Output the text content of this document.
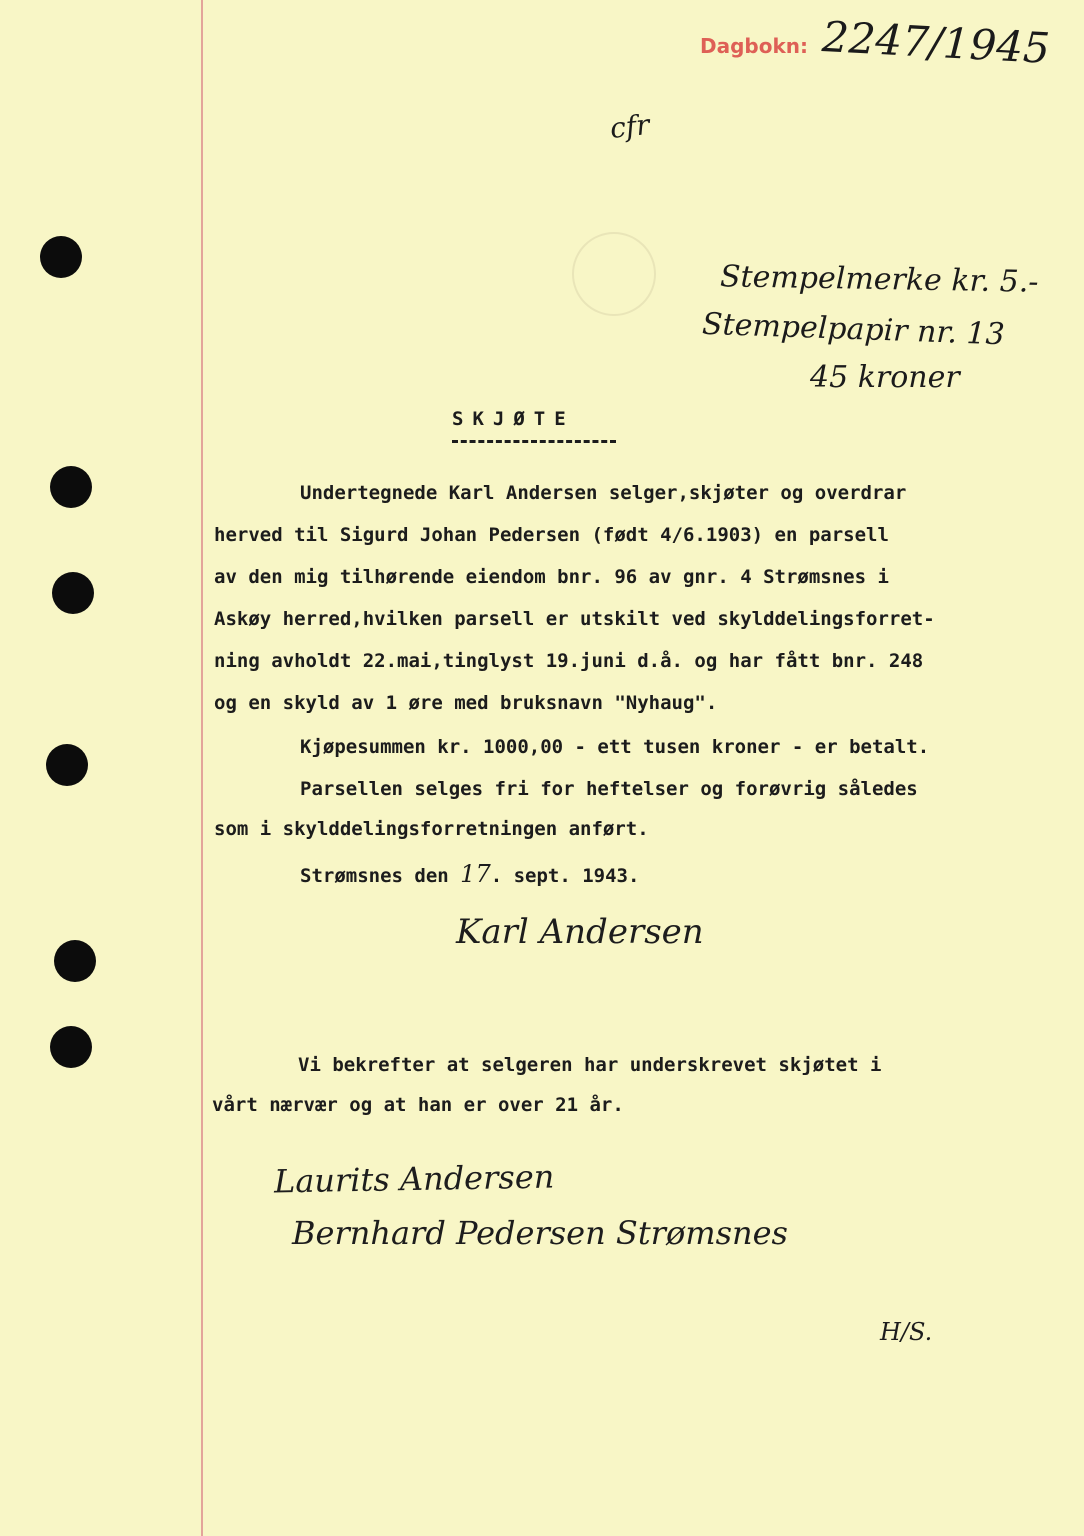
Dagbokn: 2247/1945
cfr
Stempelmerke kr. 5.-
Stempelpapir nr. 13
45 kroner
SKJØTE
Undertegnede Karl Andersen selger,skjøter og overdrar
herved til Sigurd Johan Pedersen (født 4/6.1903) en parsell
av den mig tilhørende eiendom bnr. 96 av gnr. 4 Strømsnes i
Askøy herred,hvilken parsell er utskilt ved skylddelingsforret-
ning avholdt 22.mai,tinglyst 19.juni d.å. og har fått bnr. 248
og en skyld av 1 øre med bruksnavn "Nyhaug".
Kjøpesummen kr. 1000,00 - ett tusen kroner - er betalt.
Parsellen selges fri for heftelser og forøvrig således
som i skylddelingsforretningen anført.
Strømsnes den 17. sept. 1943.
Karl Andersen
Vi bekrefter at selgeren har underskrevet skjøtet i
vårt nærvær og at han er over 21 år.
Laurits Andersen
Bernhard Pedersen Strømsnes
H/S.
